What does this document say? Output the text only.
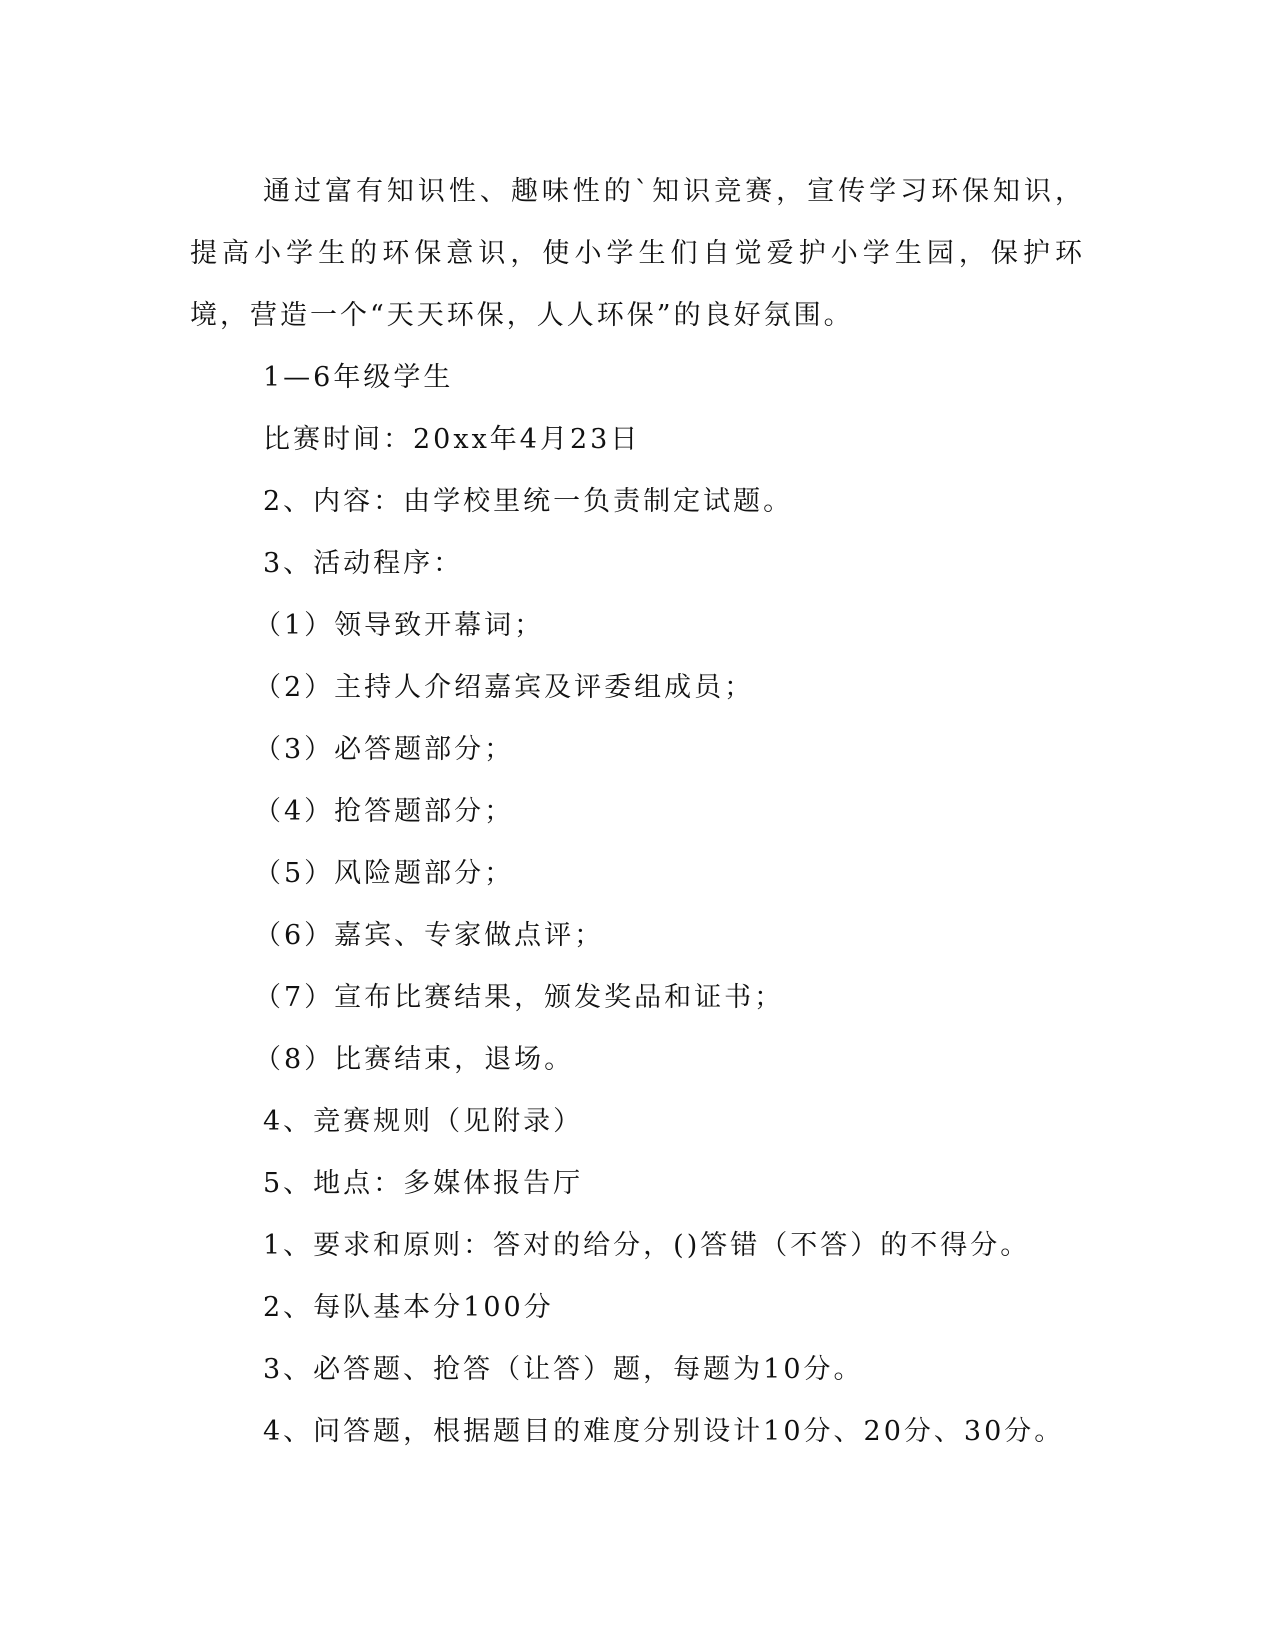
通过富有知识性、趣味性的`知识竞赛，宣传学习环保知识，提高小学生的环保意识，使小学生们自觉爱护小学生园，保护环境，营造一个“天天环保，人人环保”的良好氛围。

1—6年级学生

比赛时间：20xx年4月23日

2、内容：由学校里统一负责制定试题。

3、活动程序：

（1）领导致开幕词；

（2）主持人介绍嘉宾及评委组成员；

（3）必答题部分；

（4）抢答题部分；

（5）风险题部分；

（6）嘉宾、专家做点评；

（7）宣布比赛结果，颁发奖品和证书；

（8）比赛结束，退场。

4、竞赛规则（见附录）

5、地点：多媒体报告厅

1、要求和原则：答对的给分，()答错（不答）的不得分。

2、每队基本分100分

3、必答题、抢答（让答）题，每题为10分。

4、问答题，根据题目的难度分别设计10分、20分、30分。
